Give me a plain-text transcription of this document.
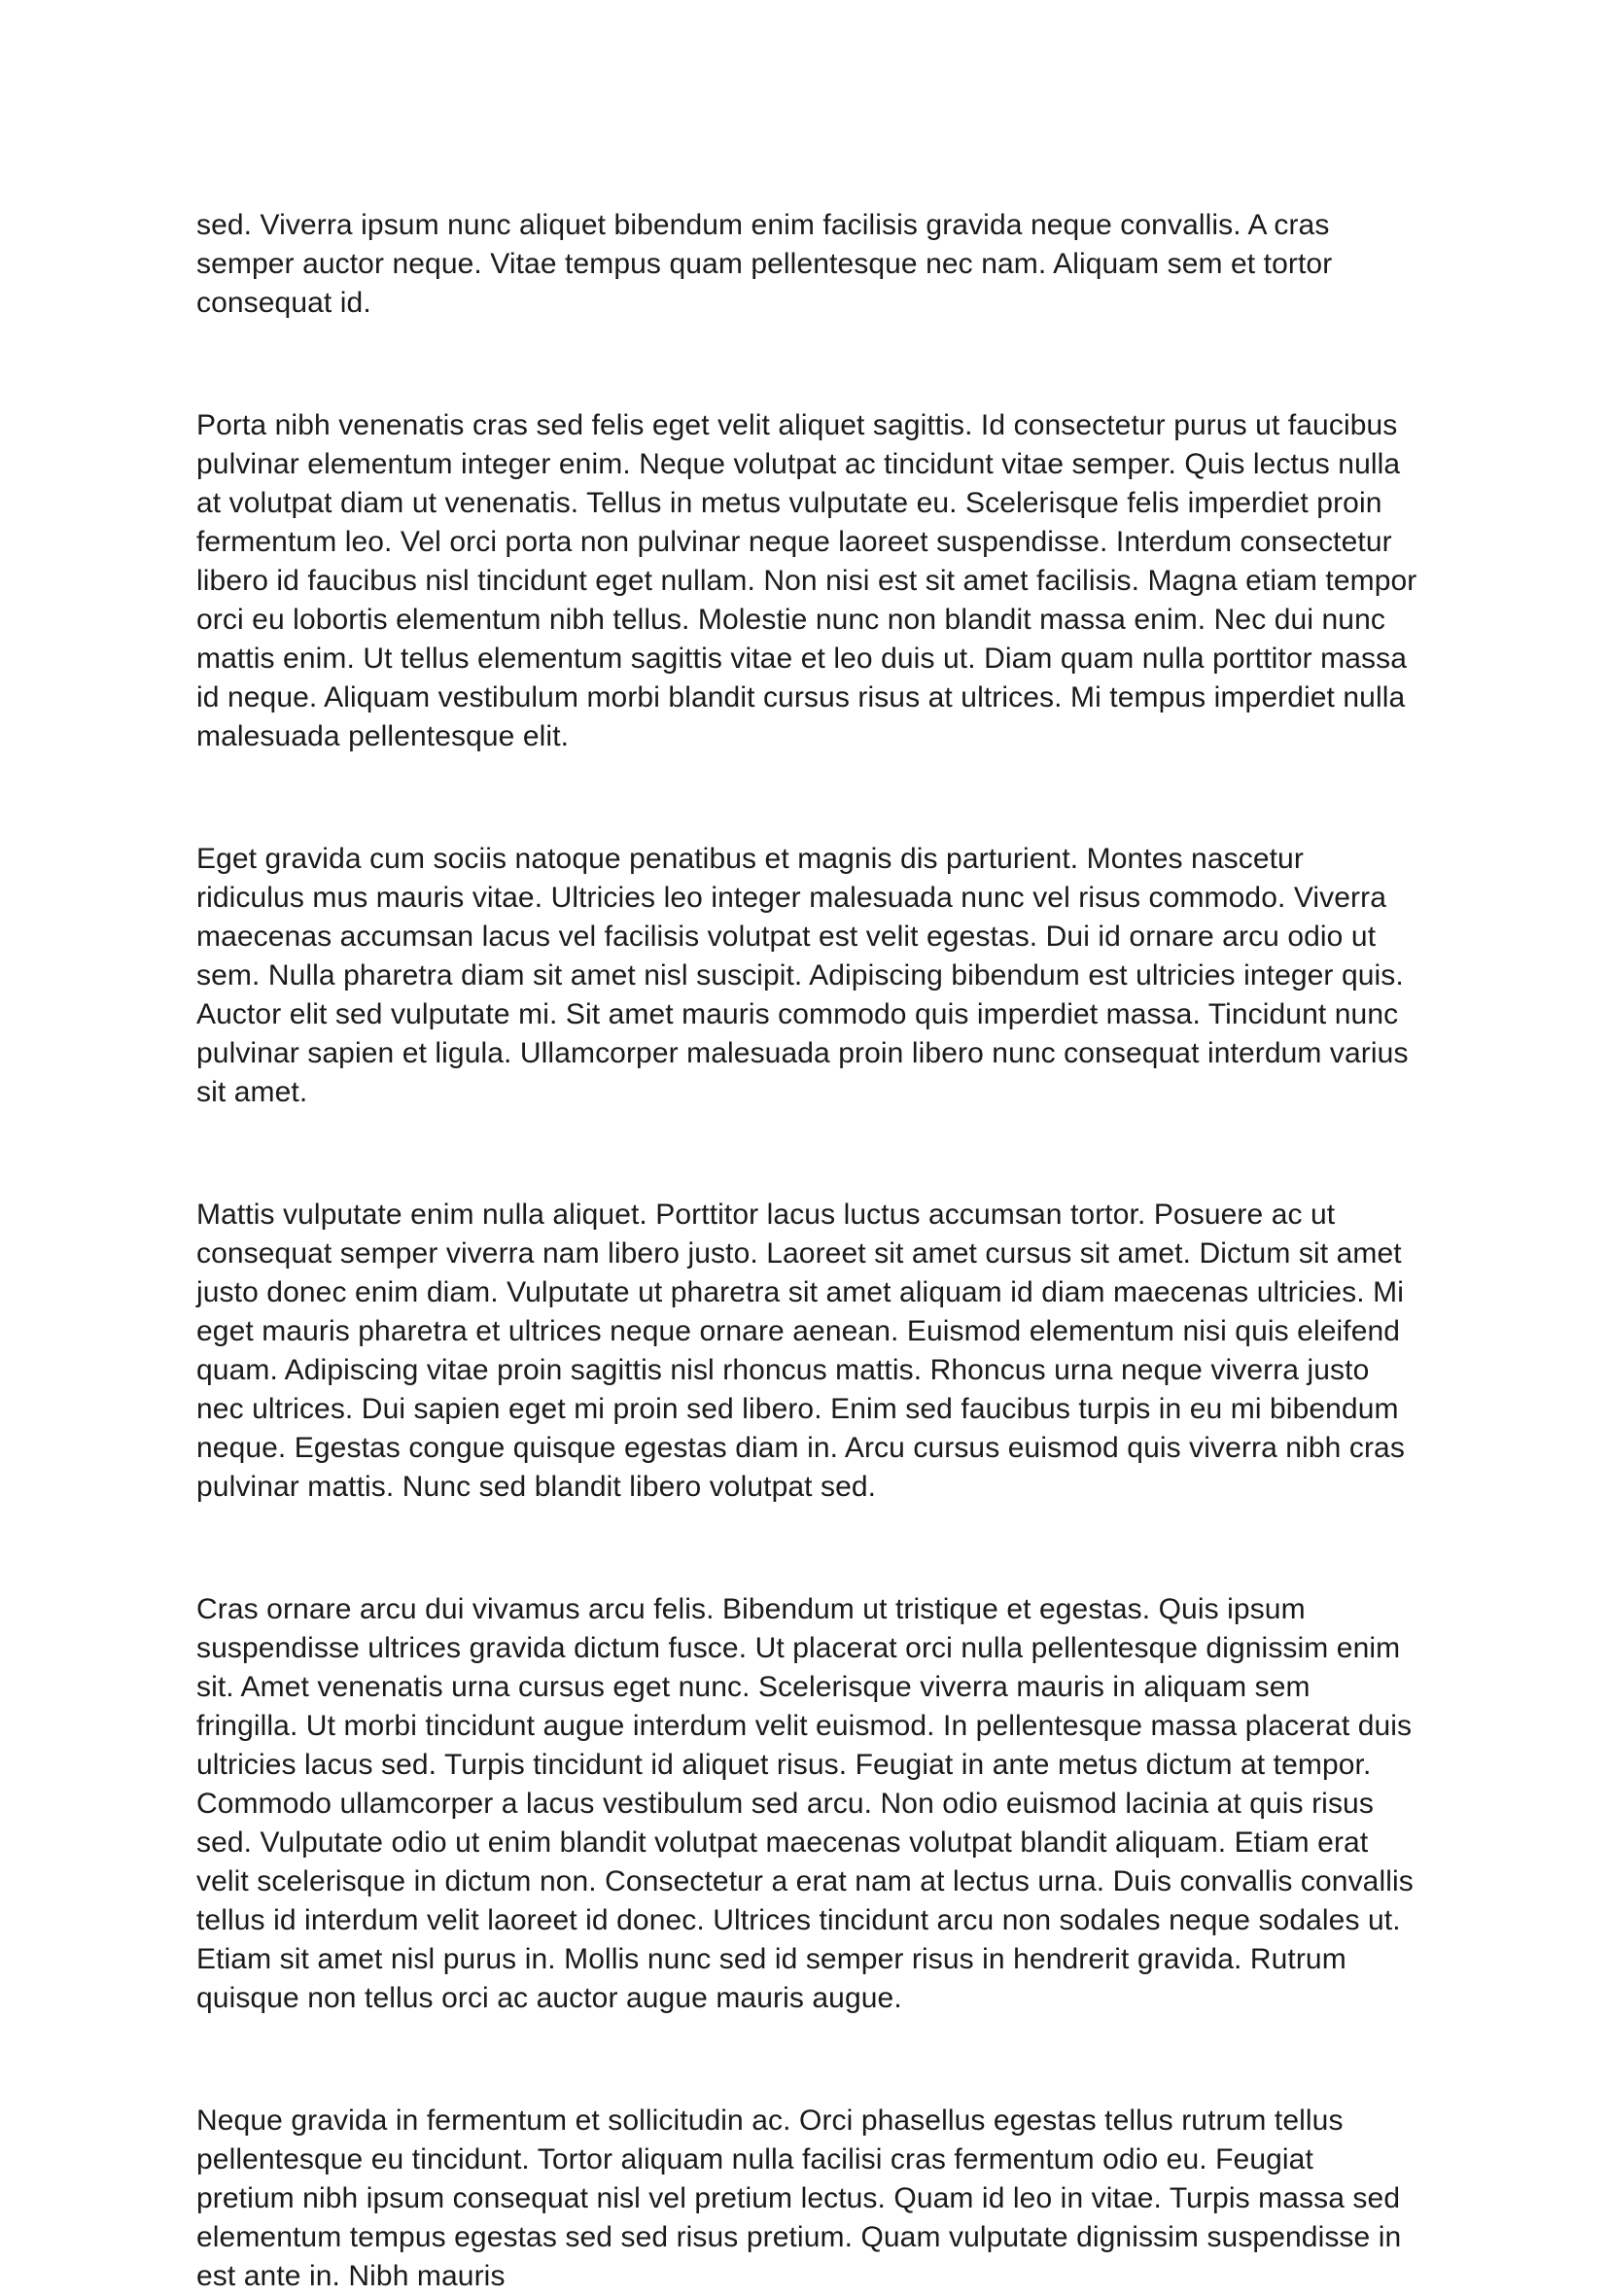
sed. Viverra ipsum nunc aliquet bibendum enim facilisis gravida neque convallis. A cras semper auctor neque. Vitae tempus quam pellentesque nec nam. Aliquam sem et tortor consequat id.

Porta nibh venenatis cras sed felis eget velit aliquet sagittis. Id consectetur purus ut faucibus pulvinar elementum integer enim. Neque volutpat ac tincidunt vitae semper. Quis lectus nulla at volutpat diam ut venenatis. Tellus in metus vulputate eu. Scelerisque felis imperdiet proin fermentum leo. Vel orci porta non pulvinar neque laoreet suspendisse. Interdum consectetur libero id faucibus nisl tincidunt eget nullam. Non nisi est sit amet facilisis. Magna etiam tempor orci eu lobortis elementum nibh tellus. Molestie nunc non blandit massa enim. Nec dui nunc mattis enim. Ut tellus elementum sagittis vitae et leo duis ut. Diam quam nulla porttitor massa id neque. Aliquam vestibulum morbi blandit cursus risus at ultrices. Mi tempus imperdiet nulla malesuada pellentesque elit.

Eget gravida cum sociis natoque penatibus et magnis dis parturient. Montes nascetur ridiculus mus mauris vitae. Ultricies leo integer malesuada nunc vel risus commodo. Viverra maecenas accumsan lacus vel facilisis volutpat est velit egestas. Dui id ornare arcu odio ut sem. Nulla pharetra diam sit amet nisl suscipit. Adipiscing bibendum est ultricies integer quis. Auctor elit sed vulputate mi. Sit amet mauris commodo quis imperdiet massa. Tincidunt nunc pulvinar sapien et ligula. Ullamcorper malesuada proin libero nunc consequat interdum varius sit amet.

Mattis vulputate enim nulla aliquet. Porttitor lacus luctus accumsan tortor. Posuere ac ut consequat semper viverra nam libero justo. Laoreet sit amet cursus sit amet. Dictum sit amet justo donec enim diam. Vulputate ut pharetra sit amet aliquam id diam maecenas ultricies. Mi eget mauris pharetra et ultrices neque ornare aenean. Euismod elementum nisi quis eleifend quam. Adipiscing vitae proin sagittis nisl rhoncus mattis. Rhoncus urna neque viverra justo nec ultrices. Dui sapien eget mi proin sed libero. Enim sed faucibus turpis in eu mi bibendum neque. Egestas congue quisque egestas diam in. Arcu cursus euismod quis viverra nibh cras pulvinar mattis. Nunc sed blandit libero volutpat sed.

Cras ornare arcu dui vivamus arcu felis. Bibendum ut tristique et egestas. Quis ipsum suspendisse ultrices gravida dictum fusce. Ut placerat orci nulla pellentesque dignissim enim sit. Amet venenatis urna cursus eget nunc. Scelerisque viverra mauris in aliquam sem fringilla. Ut morbi tincidunt augue interdum velit euismod. In pellentesque massa placerat duis ultricies lacus sed. Turpis tincidunt id aliquet risus. Feugiat in ante metus dictum at tempor. Commodo ullamcorper a lacus vestibulum sed arcu. Non odio euismod lacinia at quis risus sed. Vulputate odio ut enim blandit volutpat maecenas volutpat blandit aliquam. Etiam erat velit scelerisque in dictum non. Consectetur a erat nam at lectus urna. Duis convallis convallis tellus id interdum velit laoreet id donec. Ultrices tincidunt arcu non sodales neque sodales ut. Etiam sit amet nisl purus in. Mollis nunc sed id semper risus in hendrerit gravida. Rutrum quisque non tellus orci ac auctor augue mauris augue.

Neque gravida in fermentum et sollicitudin ac. Orci phasellus egestas tellus rutrum tellus pellentesque eu tincidunt. Tortor aliquam nulla facilisi cras fermentum odio eu. Feugiat pretium nibh ipsum consequat nisl vel pretium lectus. Quam id leo in vitae. Turpis massa sed elementum tempus egestas sed sed risus pretium. Quam vulputate dignissim suspendisse in est ante in. Nibh mauris
